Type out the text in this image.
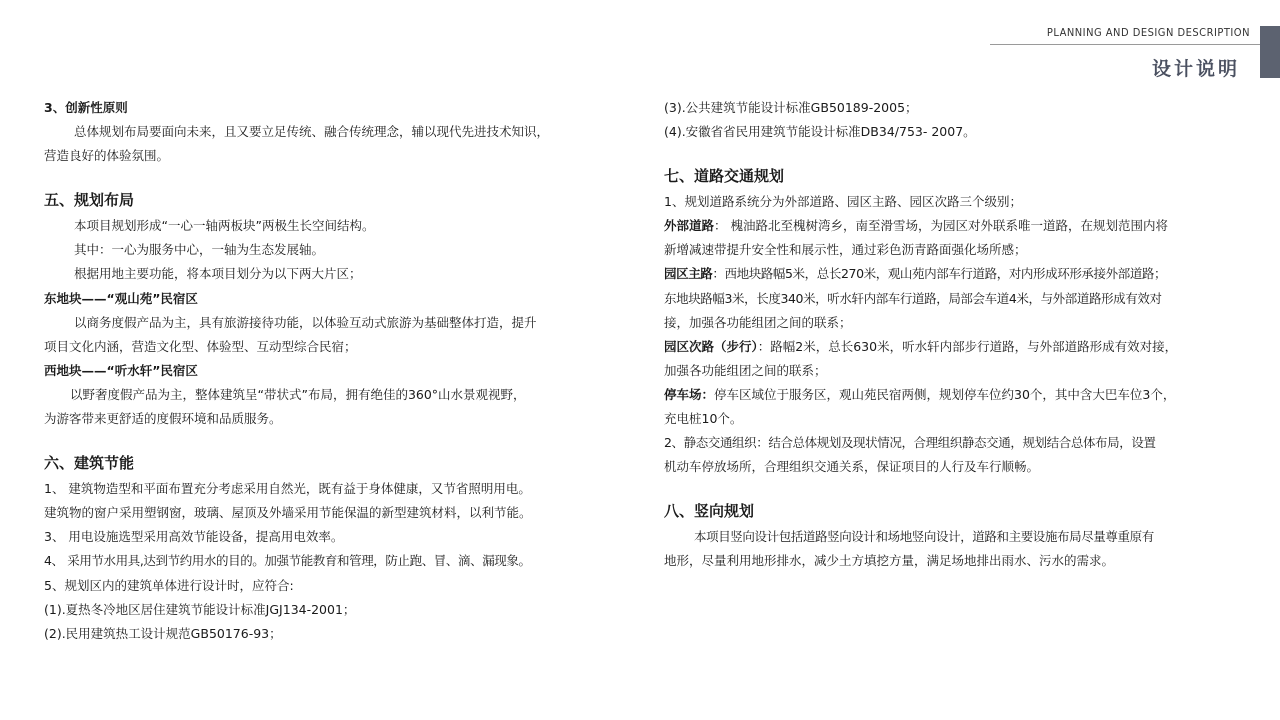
PLANNING AND DESIGN DESCRIPTION
设计说明
3、创新性原则
总体规划布局要面向未来，且又要立足传统、融合传统理念，辅以现代先进技术知识，
营造良好的体验氛围。
五、规划布局
本项目规划形成“一心一轴两板块”两极生长空间结构。
其中：一心为服务中心，一轴为生态发展轴。
根据用地主要功能，将本项目划分为以下两大片区；
东地块——“观山苑”民宿区
以商务度假产品为主，具有旅游接待功能，以体验互动式旅游为基础整体打造，提升
项目文化内涵，营造文化型、体验型、互动型综合民宿；
西地块——“听水轩”民宿区
以野奢度假产品为主，整体建筑呈“带状式”布局，拥有绝佳的360°山水景观视野，
为游客带来更舒适的度假环境和品质服务。
六、建筑节能
1、 建筑物造型和平面布置充分考虑采用自然光，既有益于身体健康，又节省照明用电。
建筑物的窗户采用塑钢窗，玻璃、屋顶及外墙采用节能保温的新型建筑材料，以利节能。
3、 用电设施选型采用高效节能设备，提高用电效率。
4、 采用节水用具,达到节约用水的目的。加强节能教育和管理，防止跑、冒、滴、漏现象。
5、规划区内的建筑单体进行设计时，应符合:
(1).夏热冬冷地区居住建筑节能设计标准JGJ134-2001；
(2).民用建筑热工设计规范GB50176-93；
(3).公共建筑节能设计标准GB50189-2005；
(4).安徽省省民用建筑节能设计标准DB34/753- 2007。
七、道路交通规划
1、规划道路系统分为外部道路、园区主路、园区次路三个级别；
外部道路： 槐油路北至槐树湾乡，南至滑雪场，为园区对外联系唯一道路，在规划范围内将
新增减速带提升安全性和展示性，通过彩色沥青路面强化场所感；
园区主路：西地块路幅5米，总长270米，观山苑内部车行道路，对内形成环形承接外部道路；
东地块路幅3米，长度340米，听水轩内部车行道路，局部会车道4米，与外部道路形成有效对
接，加强各功能组团之间的联系；
园区次路（步行）：路幅2米，总长630米，听水轩内部步行道路，与外部道路形成有效对接，
加强各功能组团之间的联系；
停车场：停车区域位于服务区，观山苑民宿两侧，规划停车位约30个，其中含大巴车位3个，
充电桩10个。
2、静态交通组织：结合总体规划及现状情况，合理组织静态交通，规划结合总体布局，设置
机动车停放场所，合理组织交通关系，保证项目的人行及车行顺畅。
八、竖向规划
本项目竖向设计包括道路竖向设计和场地竖向设计，道路和主要设施布局尽量尊重原有
地形，尽量利用地形排水，减少土方填挖方量，满足场地排出雨水、污水的需求。
